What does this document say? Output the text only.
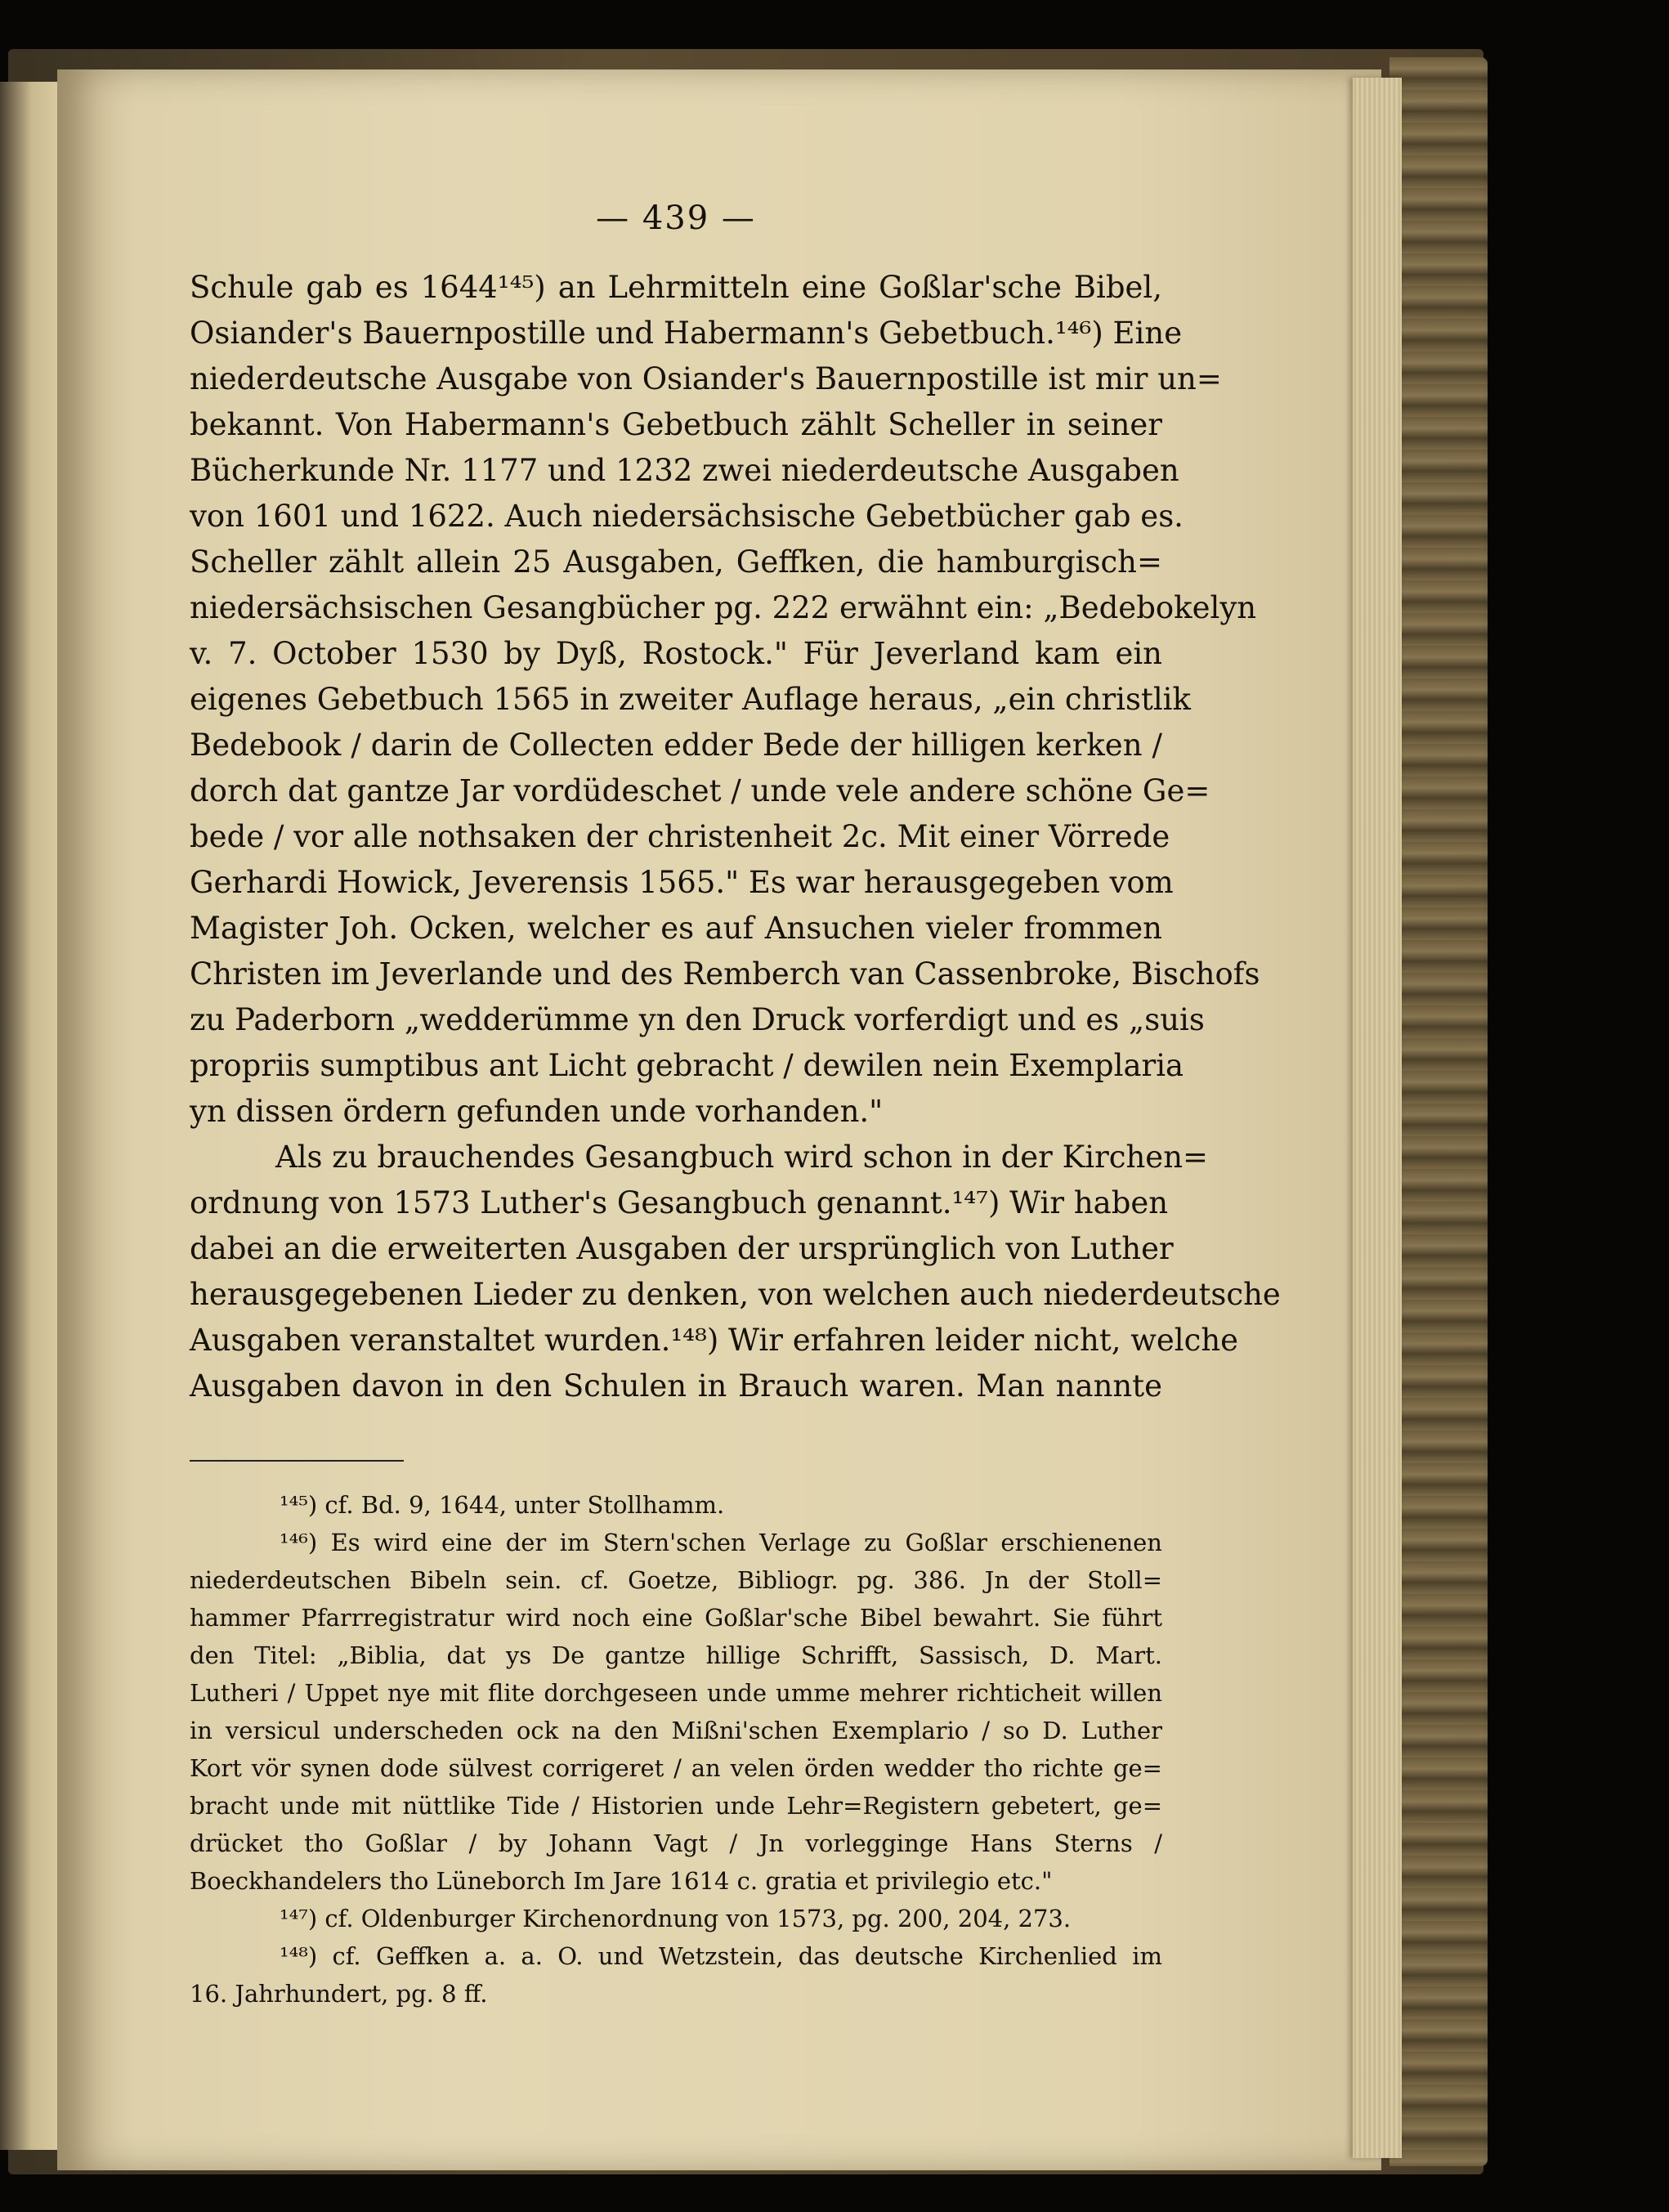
— 439 —
Schule gab es 1644¹⁴⁵) an Lehrmitteln eine Goßlar'sche Bibel,
Osiander's Bauernpostille und Habermann's Gebetbuch.¹⁴⁶) Eine
niederdeutsche Ausgabe von Osiander's Bauernpostille ist mir un=
bekannt. Von Habermann's Gebetbuch zählt Scheller in seiner
Bücherkunde Nr. 1177 und 1232 zwei niederdeutsche Ausgaben
von 1601 und 1622. Auch niedersächsische Gebetbücher gab es.
Scheller zählt allein 25 Ausgaben, Geffken, die hamburgisch=
niedersächsischen Gesangbücher pg. 222 erwähnt ein: „Bedebokelyn
v. 7. October 1530 by Dyß, Rostock." Für Jeverland kam ein
eigenes Gebetbuch 1565 in zweiter Auflage heraus, „ein christlik
Bedebook / darin de Collecten edder Bede der hilligen kerken /
dorch dat gantze Jar vordüdeschet / unde vele andere schöne Ge=
bede / vor alle nothsaken der christenheit 2c. Mit einer Vörrede
Gerhardi Howick, Jeverensis 1565." Es war herausgegeben vom
Magister Joh. Ocken, welcher es auf Ansuchen vieler frommen
Christen im Jeverlande und des Remberch van Cassenbroke, Bischofs
zu Paderborn „wedderümme yn den Druck vorferdigt und es „suis
propriis sumptibus ant Licht gebracht / dewilen nein Exemplaria
yn dissen ördern gefunden unde vorhanden."
Als zu brauchendes Gesangbuch wird schon in der Kirchen=
ordnung von 1573 Luther's Gesangbuch genannt.¹⁴⁷) Wir haben
dabei an die erweiterten Ausgaben der ursprünglich von Luther
herausgegebenen Lieder zu denken, von welchen auch niederdeutsche
Ausgaben veranstaltet wurden.¹⁴⁸) Wir erfahren leider nicht, welche
Ausgaben davon in den Schulen in Brauch waren. Man nannte
¹⁴⁵) cf. Bd. 9, 1644, unter Stollhamm.
¹⁴⁶) Es wird eine der im Stern'schen Verlage zu Goßlar erschienenen
niederdeutschen Bibeln sein. cf. Goetze, Bibliogr. pg. 386. Jn der Stoll=
hammer Pfarrregistratur wird noch eine Goßlar'sche Bibel bewahrt. Sie führt
den Titel: „Biblia, dat ys De gantze hillige Schrifft, Sassisch, D. Mart.
Lutheri / Uppet nye mit flite dorchgeseen unde umme mehrer richticheit willen
in versicul underscheden ock na den Mißni'schen Exemplario / so D. Luther
Kort vör synen dode sülvest corrigeret / an velen örden wedder tho richte ge=
bracht unde mit nüttlike Tide / Historien unde Lehr=Registern gebetert, ge=
drücket tho Goßlar / by Johann Vagt / Jn vorlegginge Hans Sterns /
Boeckhandelers tho Lüneborch Im Jare 1614 c. gratia et privilegio etc."
¹⁴⁷) cf. Oldenburger Kirchenordnung von 1573, pg. 200, 204, 273.
¹⁴⁸) cf. Geffken a. a. O. und Wetzstein, das deutsche Kirchenlied im
16. Jahrhundert, pg. 8 ff.
